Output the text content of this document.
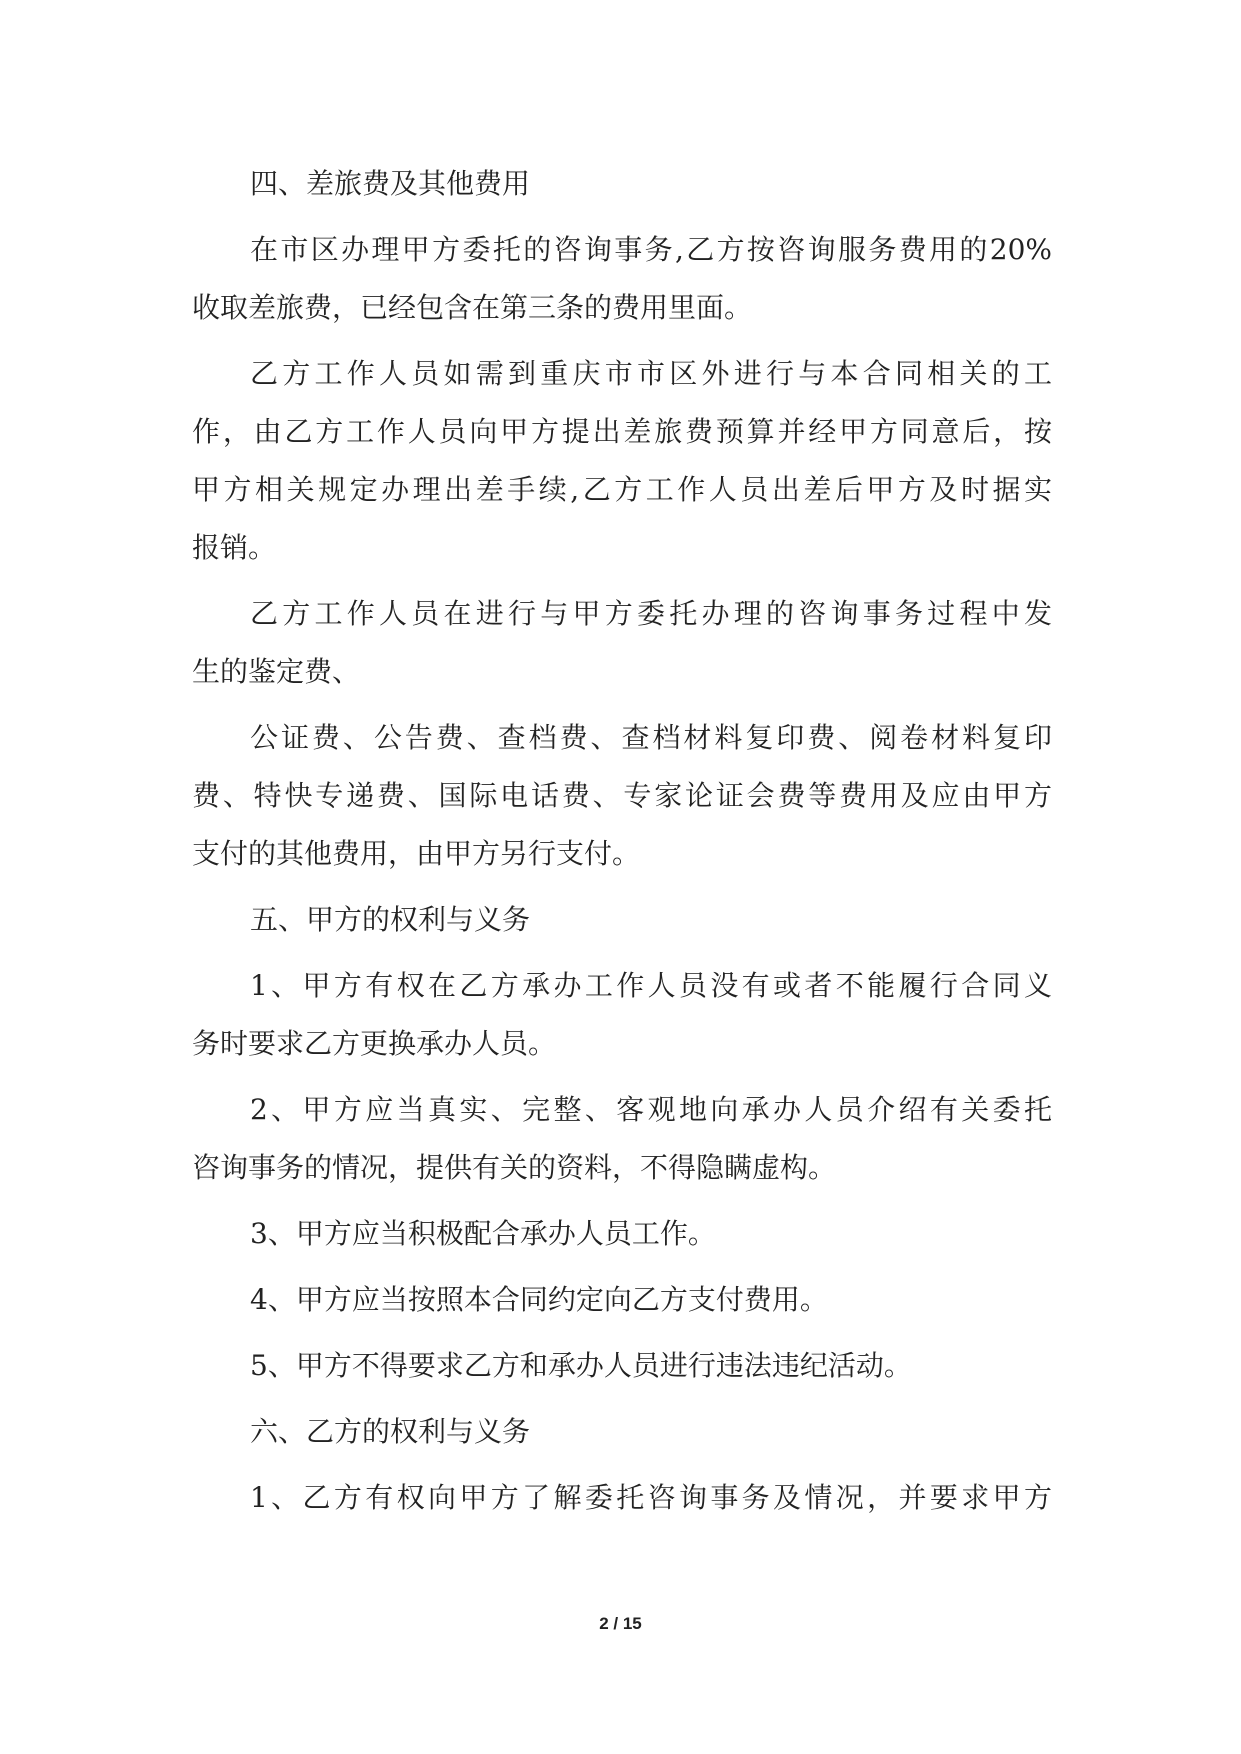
四、差旅费及其他费用
在市区办理甲方委托的咨询事务,乙方按咨询服务费用的20%
收取差旅费，已经包含在第三条的费用里面。
乙方工作人员如需到重庆市市区外进行与本合同相关的工
作，由乙方工作人员向甲方提出差旅费预算并经甲方同意后，按
甲方相关规定办理出差手续,乙方工作人员出差后甲方及时据实
报销。
乙方工作人员在进行与甲方委托办理的咨询事务过程中发
生的鉴定费、
公证费、公告费、查档费、查档材料复印费、阅卷材料复印
费、特快专递费、国际电话费、专家论证会费等费用及应由甲方
支付的其他费用，由甲方另行支付。
五、甲方的权利与义务
1、甲方有权在乙方承办工作人员没有或者不能履行合同义
务时要求乙方更换承办人员。
2、甲方应当真实、完整、客观地向承办人员介绍有关委托
咨询事务的情况，提供有关的资料，不得隐瞒虚构。
3、甲方应当积极配合承办人员工作。
4、甲方应当按照本合同约定向乙方支付费用。
5、甲方不得要求乙方和承办人员进行违法违纪活动。
六、乙方的权利与义务
1、乙方有权向甲方了解委托咨询事务及情况，并要求甲方
2 / 15
